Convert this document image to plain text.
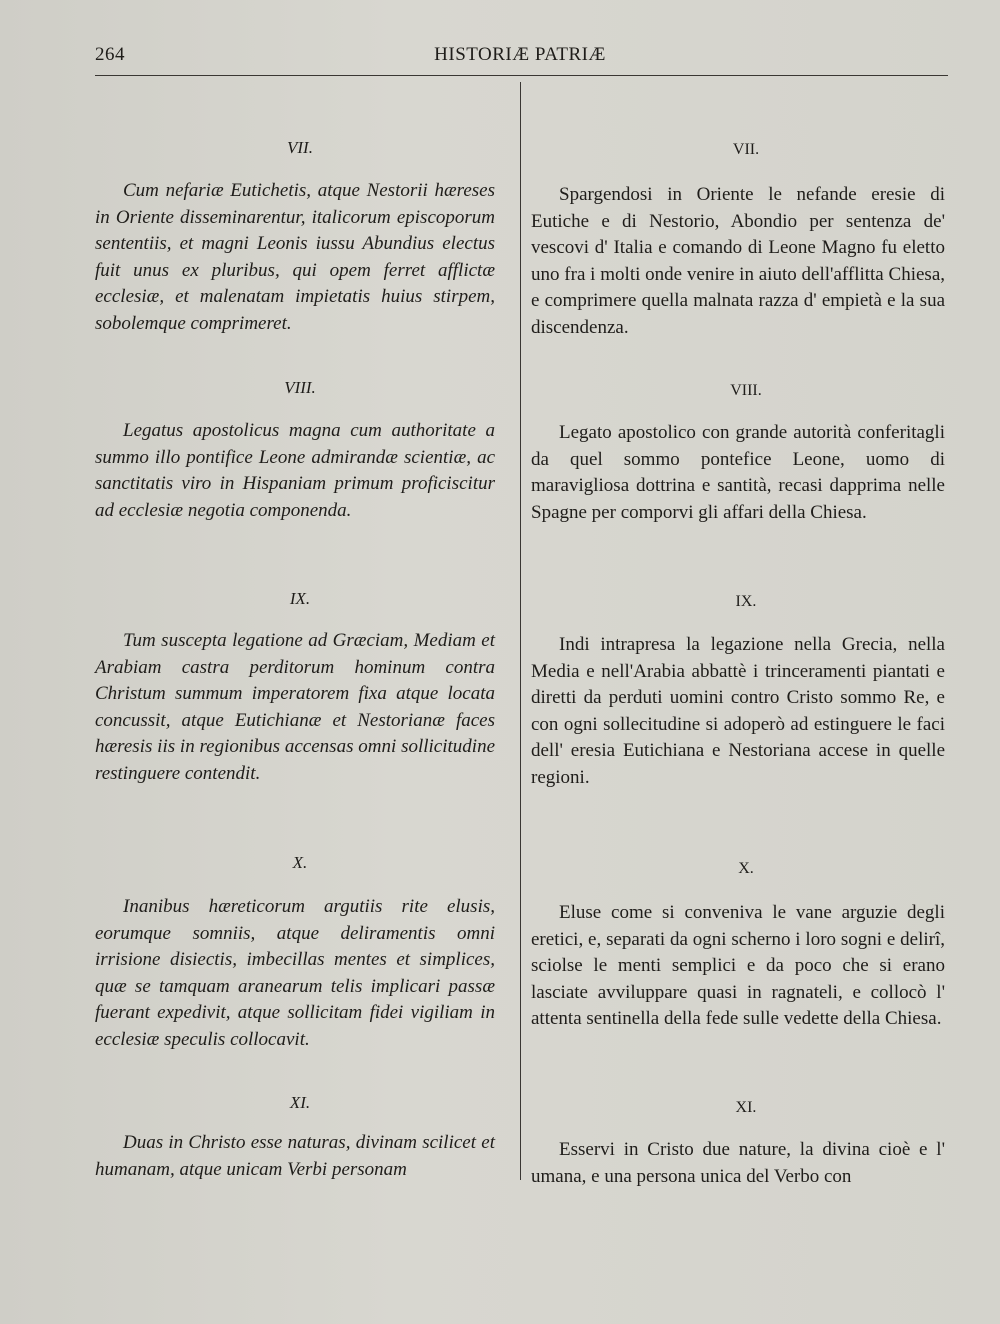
264	HISTORIÆ PATRIÆ
VII.

Cum nefariæ Eutichetis, atque Nestorii hæreses in Oriente disseminarentur, italicorum episcoporum sententiis, et magni Leonis iussu Abundius electus fuit unus ex pluribus, qui opem ferret afflictæ ecclesiæ, et malenatam impietatis huius stirpem, sobolemque comprimeret.

VII.

Spargendosi in Oriente le nefande eresie di Eutiche e di Nestorio, Abondio per sentenza de' vescovi d' Italia e comando di Leone Magno fu eletto uno fra i molti onde venire in aiuto dell'afflitta Chiesa, e comprimere quella malnata razza d' empietà e la sua discendenza.

VIII.

Legatus apostolicus magna cum authoritate a summo illo pontifice Leone admirandæ scientiæ, ac sanctitatis viro in Hispaniam primum proficiscitur ad ecclesiæ negotia componenda.

VIII.

Legato apostolico con grande autorità conferitagli da quel sommo pontefice Leone, uomo di maravigliosa dottrina e santità, recasi dapprima nelle Spagne per comporvi gli affari della Chiesa.

IX.

Tum suscepta legatione ad Græciam, Mediam et Arabiam castra perditorum hominum contra Christum summum imperatorem fixa atque locata concussit, atque Eutichianæ et Nestorianæ faces hæresis iis in regionibus accensas omni sollicitudine restinguere contendit.

IX.

Indi intrapresa la legazione nella Grecia, nella Media e nell'Arabia abbattè i trinceramenti piantati e diretti da perduti uomini contro Cristo sommo Re, e con ogni sollecitudine si adoperò ad estinguere le faci dell' eresia Eutichiana e Nestoriana accese in quelle regioni.

X.

Inanibus hæreticorum argutiis rite elusis, eorumque somniis, atque deliramentis omni irrisione disiectis, imbecillas mentes et simplices, quæ se tamquam aranearum telis implicari passæ fuerant expedivit, atque sollicitam fidei vigiliam in ecclesiæ speculis collocavit.

X.

Eluse come si conveniva le vane arguzie degli eretici, e, separati da ogni scherno i loro sogni e delirî, sciolse le menti semplici e da poco che si erano lasciate avviluppare quasi in ragnateli, e collocò l' attenta sentinella della fede sulle vedette della Chiesa.

XI.

Duas in Christo esse naturas, divinam scilicet et humanam, atque unicam Verbi personam

XI.

Esservi in Cristo due nature, la divina cioè e l' umana, e una persona unica del Verbo con
